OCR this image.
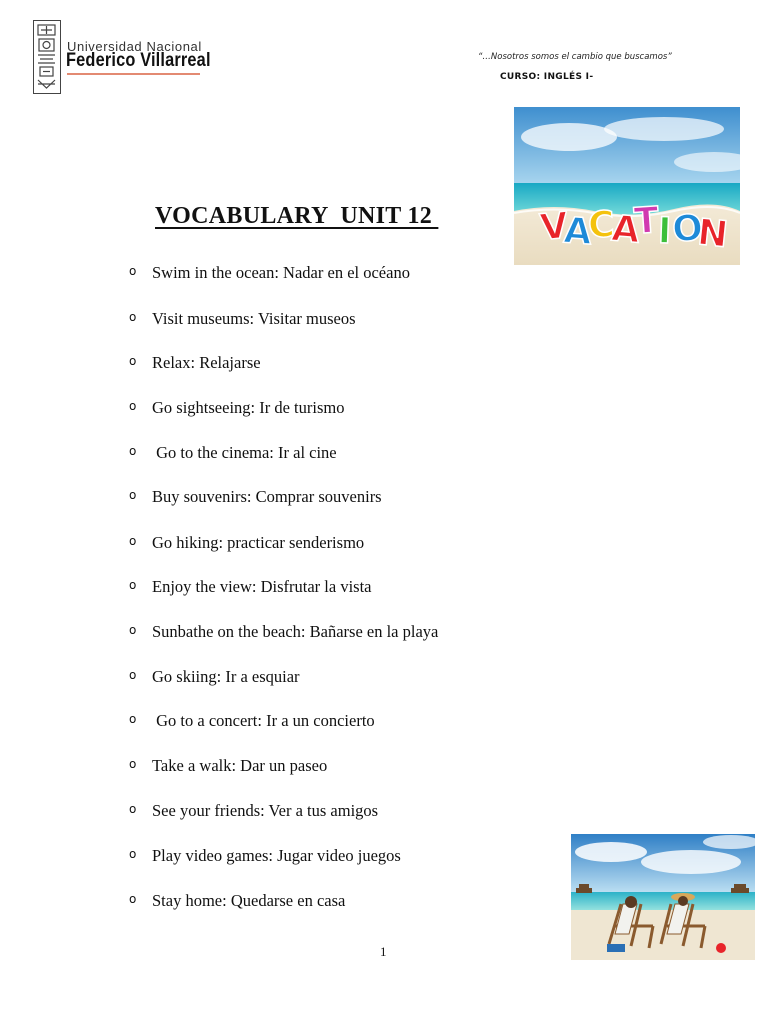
Universidad Nacional
Federico Villarreal	“…Nosotros somos el cambio que buscamos”
CURSO: INGLÉS I-
V
A
C
A
T
I
O
N
VOCABULARY  UNIT 12
o Swim in the ocean: Nadar en el océano
o Visit museums: Visitar museos
o Relax: Relajarse
o Go sightseeing: Ir de turismo
o Go to the cinema: Ir al cine
o Buy souvenirs: Comprar souvenirs
o Go hiking: practicar senderismo
o Enjoy the view: Disfrutar la vista
o Sunbathe on the beach: Bañarse en la playa
o Go skiing: Ir a esquiar
o Go to a concert: Ir a un concierto
o Take a walk: Dar un paseo
o See your friends: Ver a tus amigos
o Play video games: Jugar video juegos
o Stay home: Quedarse en casa
1
